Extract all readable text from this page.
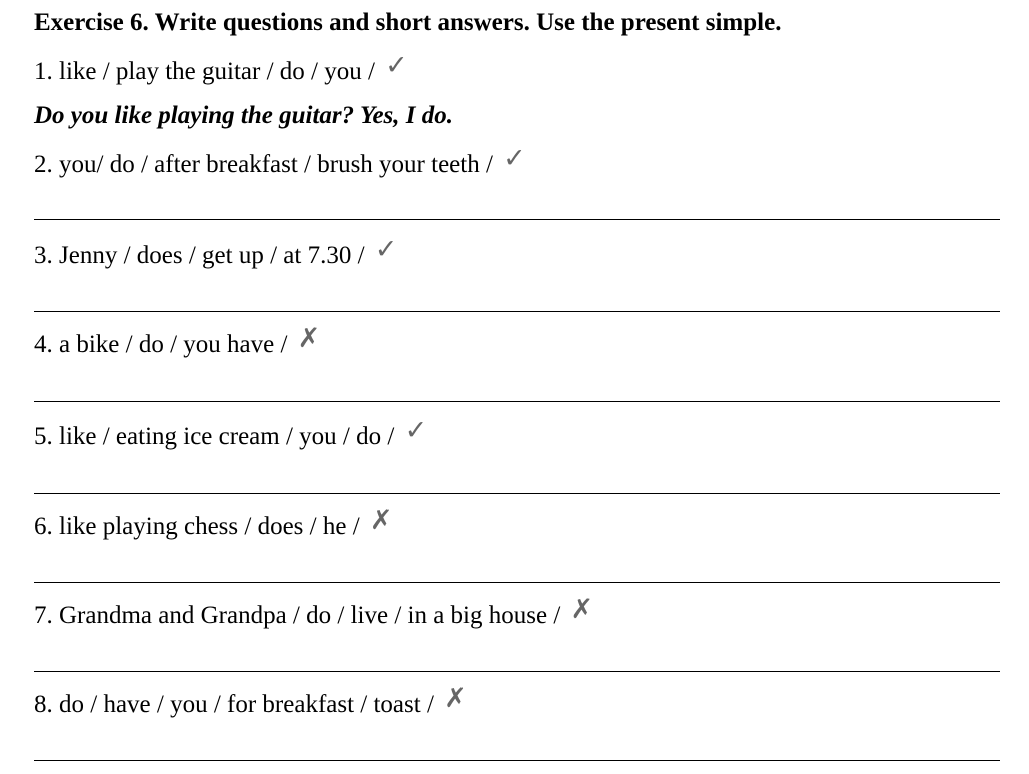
Exercise 6. Write questions and short answers. Use the present simple.
1. like / play the guitar / do / you / ✓
Do you like playing the guitar? Yes, I do.
2. you/ do / after breakfast / brush your teeth / ✓
3. Jenny / does / get up / at 7.30 / ✓
4. a bike / do / you have / ✗
5. like / eating ice cream / you / do / ✓
6. like playing chess / does / he / ✗
7. Grandma and Grandpa / do / live / in a big house / ✗
8. do / have / you / for breakfast / toast / ✗
